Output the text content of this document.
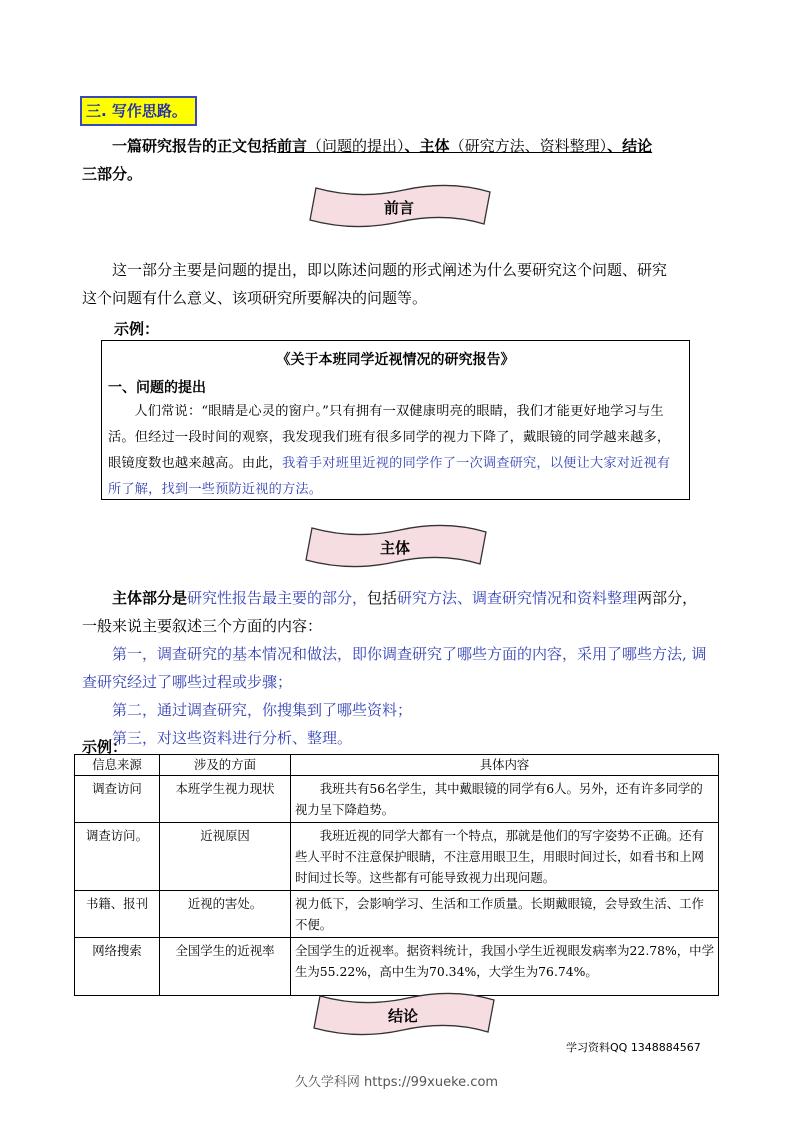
三. 写作思路。
一篇研究报告的正文包括前言（问题的提出）、主体（研究方法、资料整理）、结论
三部分。
前言
这一部分主要是问题的提出，即以陈述问题的形式阐述为什么要研究这个问题、研究
这个问题有什么意义、该项研究所要解决的问题等。
示例：
《关于本班同学近视情况的研究报告》
一、问题的提出
人们常说：“眼睛是心灵的窗户。”只有拥有一双健康明亮的眼睛，我们才能更好地学习与生活。但经过一段时间的观察，我发现我们班有很多同学的视力下降了，戴眼镜的同学越来越多，眼镜度数也越来越高。由此，我着手对班里近视的同学作了一次调查研究，以便让大家对近视有所了解，找到一些预防近视的方法。
主体
主体部分是研究性报告最主要的部分，包括研究方法、调查研究情况和资料整理两部分，一般来说主要叙述三个方面的内容：
第一，调查研究的基本情况和做法，即你调查研究了哪些方面的内容，采用了哪些方法, 调查研究经过了哪些过程或步骤；
第二，通过调查研究，你搜集到了哪些资料；
第三，对这些资料进行分析、整理。
示例：
信息来源	涉及的方面	具体内容
调查访问	本班学生视力现状	我班共有56名学生，其中戴眼镜的同学有6人。另外，还有许多同学的视力呈下降趋势。
调查访问。	近视原因	我班近视的同学大都有一个特点，那就是他们的写字姿势不正确。还有些人平时不注意保护眼睛，不注意用眼卫生，用眼时间过长，如看书和上网时间过长等。这些都有可能导致视力出现问题。
书籍、报刊	近视的害处。	视力低下，会影响学习、生活和工作质量。长期戴眼镜，会导致生活、工作不便。
网络搜索	全国学生的近视率	全国学生的近视率。据资料统计，我国小学生近视眼发病率为22.78%，中学生为55.22%，高中生为70.34%，大学生为76.74%。
结论
学习资料QQ 1348884567
久久学科网 https://99xueke.com
